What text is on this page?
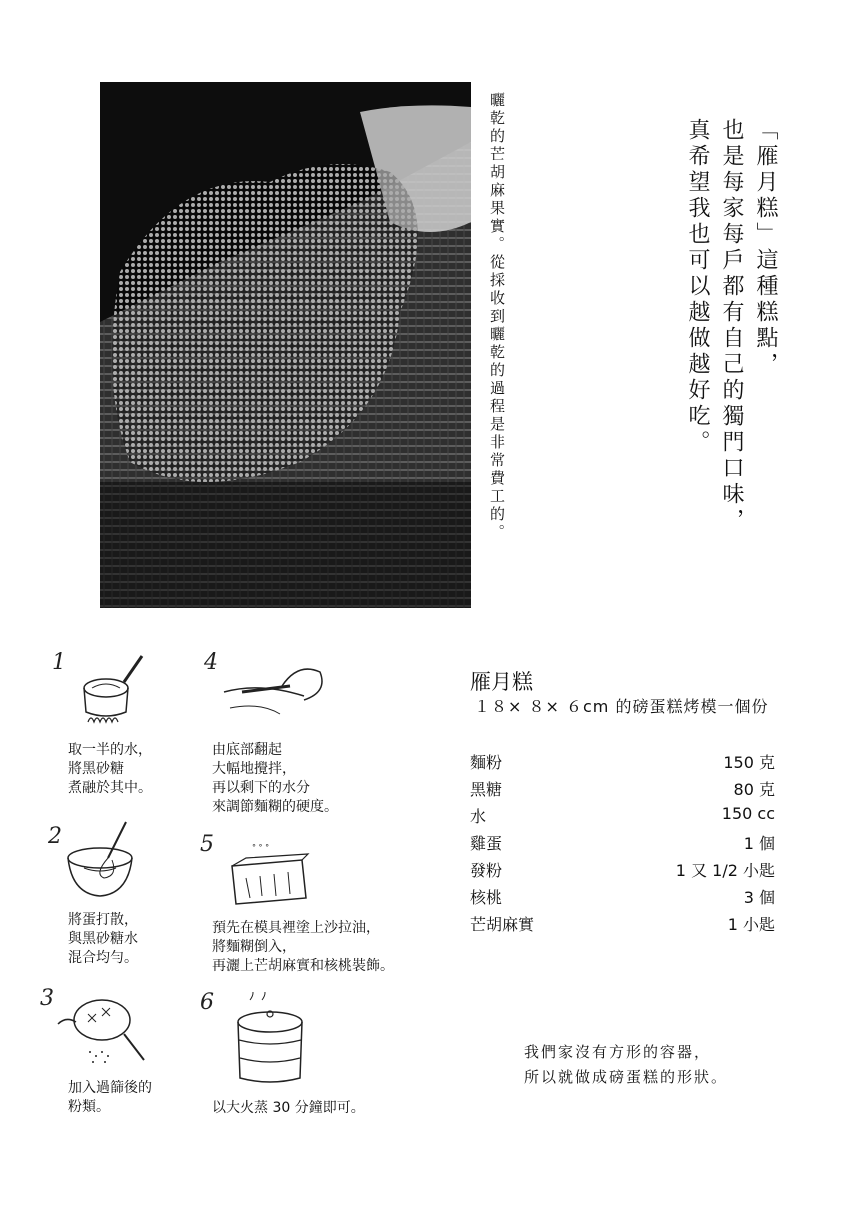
曬乾的芒胡麻果實。從採收到曬乾的過程是非常費工的。	「雁月糕」這種糕點，
也是每家每戶都有自己的獨門口味，
真希望我也可以越做越好吃。
1
取一半的水，
將黑砂糖
煮融於其中。
2
將蛋打散，
與黑砂糖水
混合均勻。
3
加入過篩後的
粉類。
4
由底部翻起
大幅地攪拌，
再以剩下的水分
來調節麵糊的硬度。
5	° ° °
預先在模具裡塗上沙拉油，
將麵糊倒入，
再灑上芒胡麻實和核桃裝飾。
6
以大火蒸 30 分鐘即可。
雁月糕
１８× ８× ６cm 的磅蛋糕烤模一個份
麵粉	150 克
黑糖	80 克
水	150 cc
雞蛋	1 個
發粉	1 又 1/2 小匙
核桃	3 個
芒胡麻實	1 小匙
我們家沒有方形的容器，
所以就做成磅蛋糕的形狀。
